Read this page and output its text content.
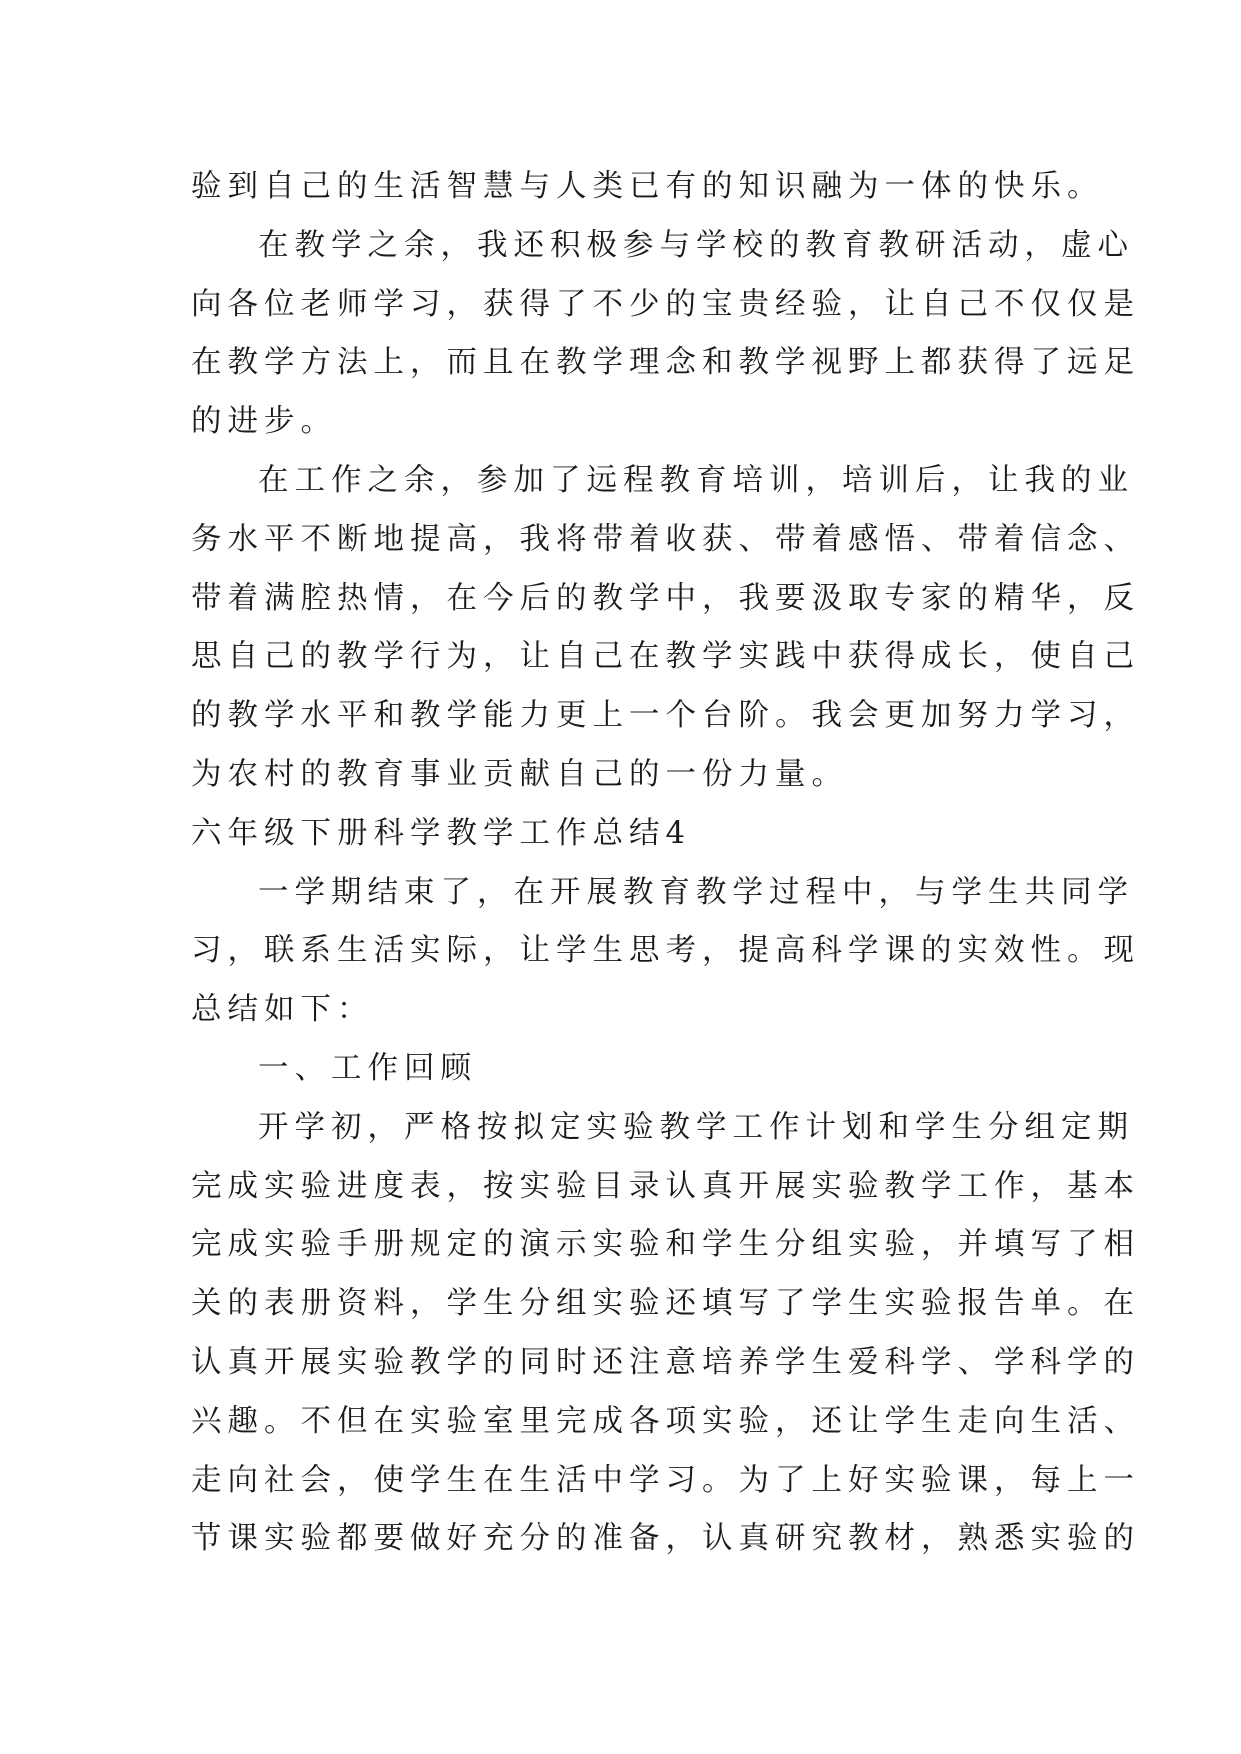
验到自己的生活智慧与人类已有的知识融为一体的快乐。
在教学之余，我还积极参与学校的教育教研活动，虚心
向各位老师学习，获得了不少的宝贵经验，让自己不仅仅是
在教学方法上，而且在教学理念和教学视野上都获得了远足
的进步。
在工作之余，参加了远程教育培训，培训后，让我的业
务水平不断地提高，我将带着收获、带着感悟、带着信念、
带着满腔热情，在今后的教学中，我要汲取专家的精华，反
思自己的教学行为，让自己在教学实践中获得成长，使自己
的教学水平和教学能力更上一个台阶。我会更加努力学习，
为农村的教育事业贡献自己的一份力量。
六年级下册科学教学工作总结4
一学期结束了，在开展教育教学过程中，与学生共同学
习，联系生活实际，让学生思考，提高科学课的实效性。现
总结如下：
一、工作回顾
开学初，严格按拟定实验教学工作计划和学生分组定期
完成实验进度表，按实验目录认真开展实验教学工作，基本
完成实验手册规定的演示实验和学生分组实验，并填写了相
关的表册资料，学生分组实验还填写了学生实验报告单。在
认真开展实验教学的同时还注意培养学生爱科学、学科学的
兴趣。不但在实验室里完成各项实验，还让学生走向生活、
走向社会，使学生在生活中学习。为了上好实验课，每上一
节课实验都要做好充分的准备，认真研究教材，熟悉实验的
